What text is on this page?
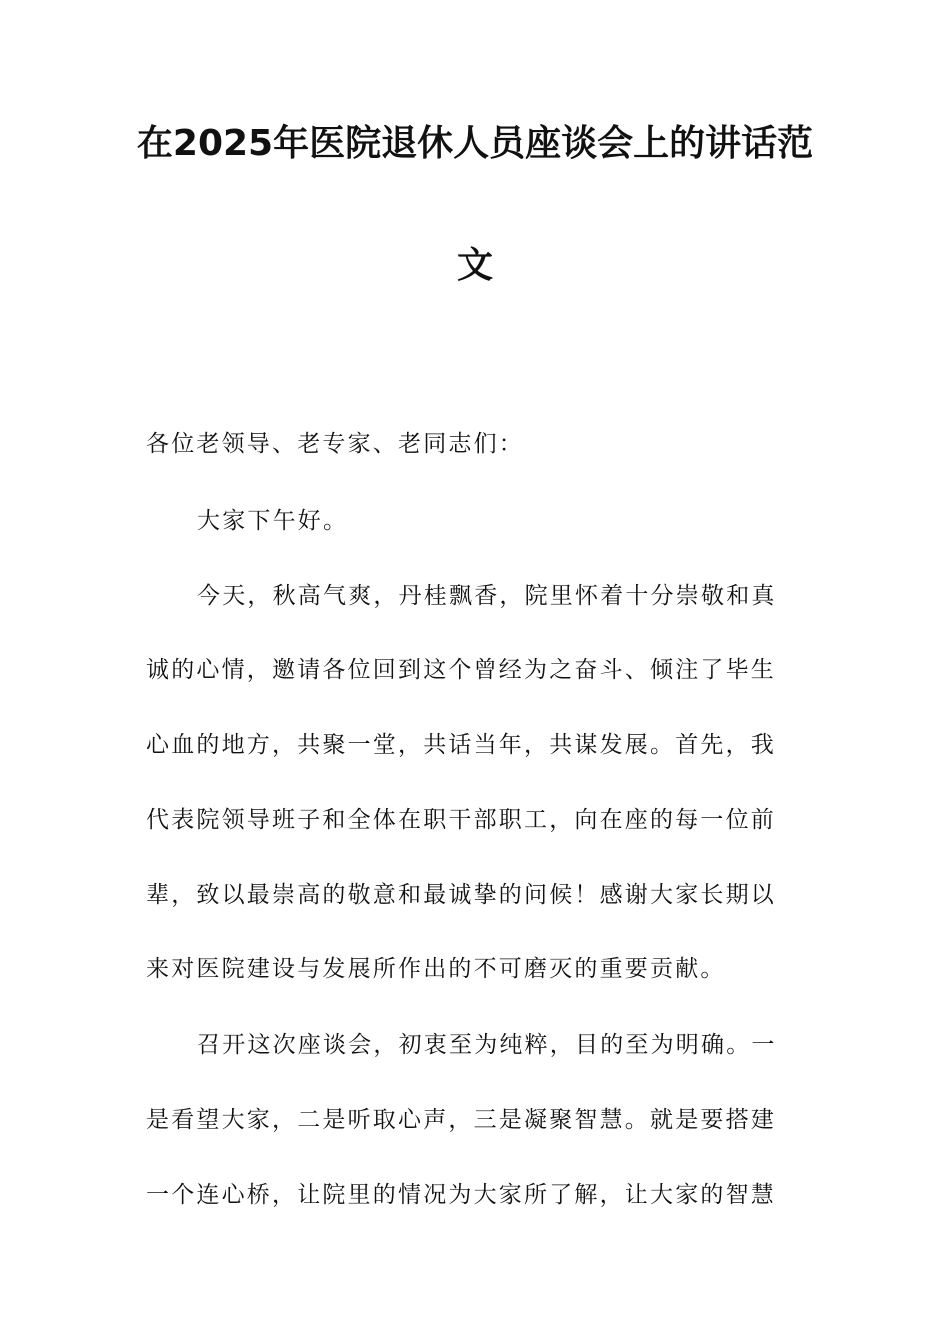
在2025年医院退休人员座谈会上的讲话范
文
各位老领导、老专家、老同志们：
大家下午好。
今天，秋高气爽，丹桂飘香，院里怀着十分崇敬和真
诚的心情，邀请各位回到这个曾经为之奋斗、倾注了毕生
心血的地方，共聚一堂，共话当年，共谋发展。首先，我
代表院领导班子和全体在职干部职工，向在座的每一位前
辈，致以最崇高的敬意和最诚挚的问候！感谢大家长期以
来对医院建设与发展所作出的不可磨灭的重要贡献。
召开这次座谈会，初衷至为纯粹，目的至为明确。一
是看望大家，二是听取心声，三是凝聚智慧。就是要搭建
一个连心桥，让院里的情况为大家所了解，让大家的智慧
